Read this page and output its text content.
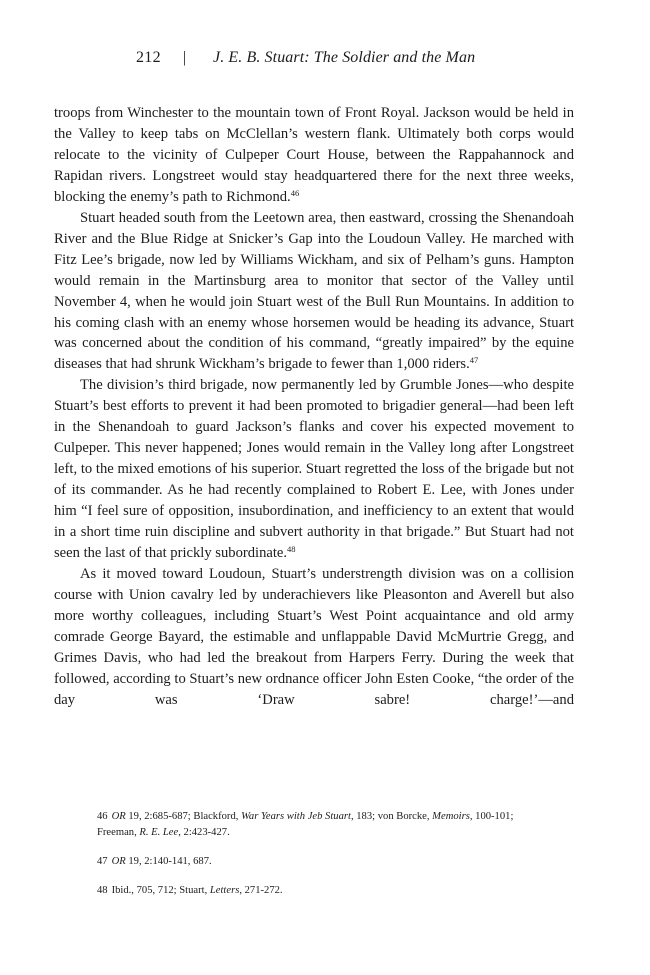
212 | J. E. B. Stuart: The Soldier and the Man

troops from Winchester to the mountain town of Front Royal. Jackson would be held in the Valley to keep tabs on McClellan’s western flank. Ultimately both corps would relocate to the vicinity of Culpeper Court House, between the Rappahannock and Rapidan rivers. Longstreet would stay headquartered there for the next three weeks, blocking the enemy’s path to Richmond.$^{46}$

Stuart headed south from the Leetown area, then eastward, crossing the Shenandoah River and the Blue Ridge at Snicker’s Gap into the Loudoun Valley. He marched with Fitz Lee’s brigade, now led by Williams Wickham, and six of Pelham’s guns. Hampton would remain in the Martinsburg area to monitor that sector of the Valley until November 4, when he would join Stuart west of the Bull Run Mountains. In addition to his coming clash with an enemy whose horsemen would be heading its advance, Stuart was concerned about the condition of his command, “greatly impaired” by the equine diseases that had shrunk Wickham’s brigade to fewer than 1,000 riders.$^{47}$

The division’s third brigade, now permanently led by Grumble Jones—who despite Stuart’s best efforts to prevent it had been promoted to brigadier general—had been left in the Shenandoah to guard Jackson’s flanks and cover his expected movement to Culpeper. This never happened; Jones would remain in the Valley long after Longstreet left, to the mixed emotions of his superior. Stuart regretted the loss of the brigade but not of its commander. As he had recently complained to Robert E. Lee, with Jones under him “I feel sure of opposition, insubordination, and inefficiency to an extent that would in a short time ruin discipline and subvert authority in that brigade.” But Stuart had not seen the last of that prickly subordinate.$^{48}$

As it moved toward Loudoun, Stuart’s understrength division was on a collision course with Union cavalry led by underachievers like Pleasonton and Averell but also more worthy colleagues, including Stuart’s West Point acquaintance and old army comrade George Bayard, the estimable and unflappable David McMurtrie Gregg, and Grimes Davis, who had led the breakout from Harpers Ferry. During the week that followed, according to Stuart’s new ordnance officer John Esten Cooke, “the order of the day was ‘Draw sabre! charge!’—and

46 OR 19, 2:685-687; Blackford, War Years with Jeb Stuart, 183; von Borcke, Memoirs, 100-101; Freeman, R. E. Lee, 2:423-427.

47 OR 19, 2:140-141, 687.

48 Ibid., 705, 712; Stuart, Letters, 271-272.
